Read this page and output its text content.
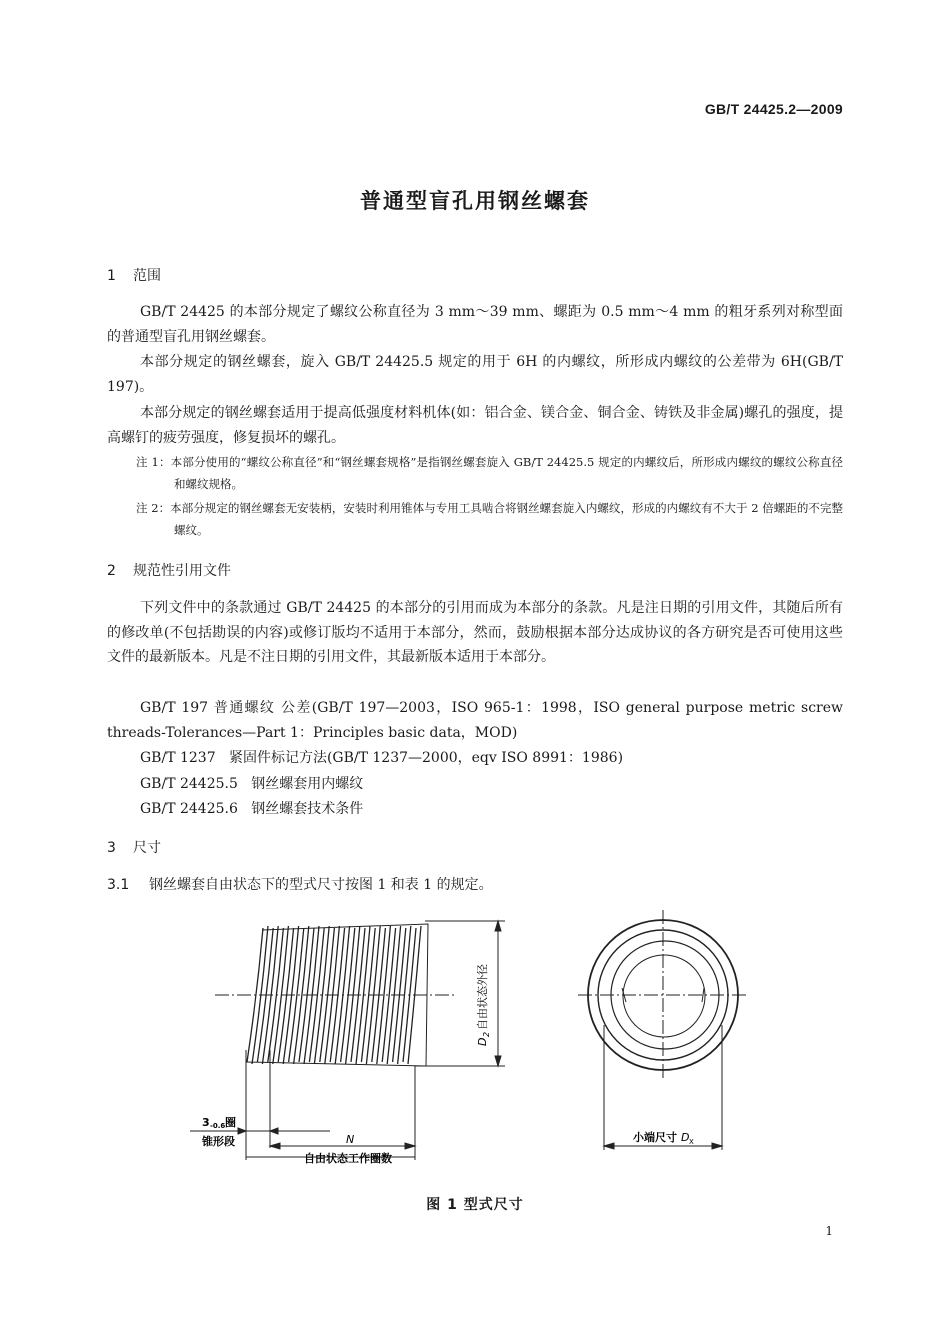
GB/T 24425.2—2009
普通型盲孔用钢丝螺套
1 范围
GB/T 24425 的本部分规定了螺纹公称直径为 3 mm～39 mm、螺距为 0.5 mm～4 mm 的粗牙系列对称型面的普通型盲孔用钢丝螺套。
本部分规定的钢丝螺套，旋入 GB/T 24425.5 规定的用于 6H 的内螺纹，所形成内螺纹的公差带为 6H(GB/T 197)。
本部分规定的钢丝螺套适用于提高低强度材料机体(如：铝合金、镁合金、铜合金、铸铁及非金属)螺孔的强度，提高螺钉的疲劳强度，修复损坏的螺孔。
注 1：本部分使用的“螺纹公称直径”和“钢丝螺套规格”是指钢丝螺套旋入 GB/T 24425.5 规定的内螺纹后，所形成内螺纹的螺纹公称直径和螺纹规格。
注 2：本部分规定的钢丝螺套无安装柄，安装时利用锥体与专用工具啮合将钢丝螺套旋入内螺纹，形成的内螺纹有不大于 2 倍螺距的不完整螺纹。
2 规范性引用文件
下列文件中的条款通过 GB/T 24425 的本部分的引用而成为本部分的条款。凡是注日期的引用文件，其随后所有的修改单(不包括勘误的内容)或修订版均不适用于本部分，然而，鼓励根据本部分达成协议的各方研究是否可使用这些文件的最新版本。凡是不注日期的引用文件，其最新版本适用于本部分。
GB/T 197 普通螺纹 公差(GB/T 197—2003，ISO 965-1：1998，ISO general purpose metric screw threads-Tolerances—Part 1：Principles basic data，MOD)
GB/T 1237   紧固件标记方法(GB/T 1237—2000，eqv ISO 8991：1986)
GB/T 24425.5   钢丝螺套用内螺纹
GB/T 24425.6   钢丝螺套技术条件
3 尺寸
3.1 钢丝螺套自由状态下的型式尺寸按图 1 和表 1 的规定。
D
2
自由状态外径
3 -0.6 圈
锥形段	N
自由状态工作圈数
小端尺寸 D X
图 1 型式尺寸
1
